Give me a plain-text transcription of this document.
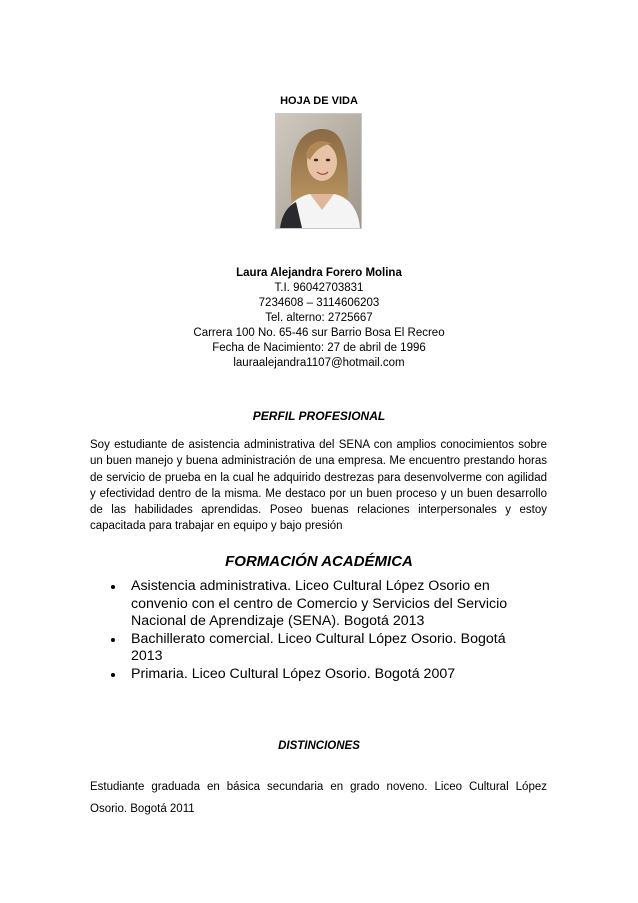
HOJA DE VIDA
Laura Alejandra Forero Molina
T.I. 96042703831
7234608 – 3114606203
Tel. alterno: 2725667
Carrera 100 No. 65-46 sur Barrio Bosa El Recreo
Fecha de Nacimiento: 27 de abril de 1996
lauraalejandra1107@hotmail.com
PERFIL PROFESIONAL
Soy estudiante de asistencia administrativa del SENA con amplios conocimientos sobre un buen manejo y buena administración de una empresa. Me encuentro prestando horas de servicio de prueba en la cual he adquirido destrezas para desenvolverme con agilidad y efectividad dentro de la misma. Me destaco por un buen proceso y un buen desarrollo de las habilidades aprendidas. Poseo buenas relaciones interpersonales y estoy capacitada para trabajar en equipo y bajo presión
FORMACIÓN ACADÉMICA
Asistencia administrativa. Liceo Cultural López Osorio en convenio con el centro de Comercio y Servicios del Servicio Nacional de Aprendizaje (SENA). Bogotá 2013
Bachillerato comercial. Liceo Cultural López Osorio. Bogotá 2013
Primaria. Liceo Cultural López Osorio. Bogotá 2007
DISTINCIONES
Estudiante graduada en básica secundaria en grado noveno. Liceo Cultural López Osorio. Bogotá 2011
